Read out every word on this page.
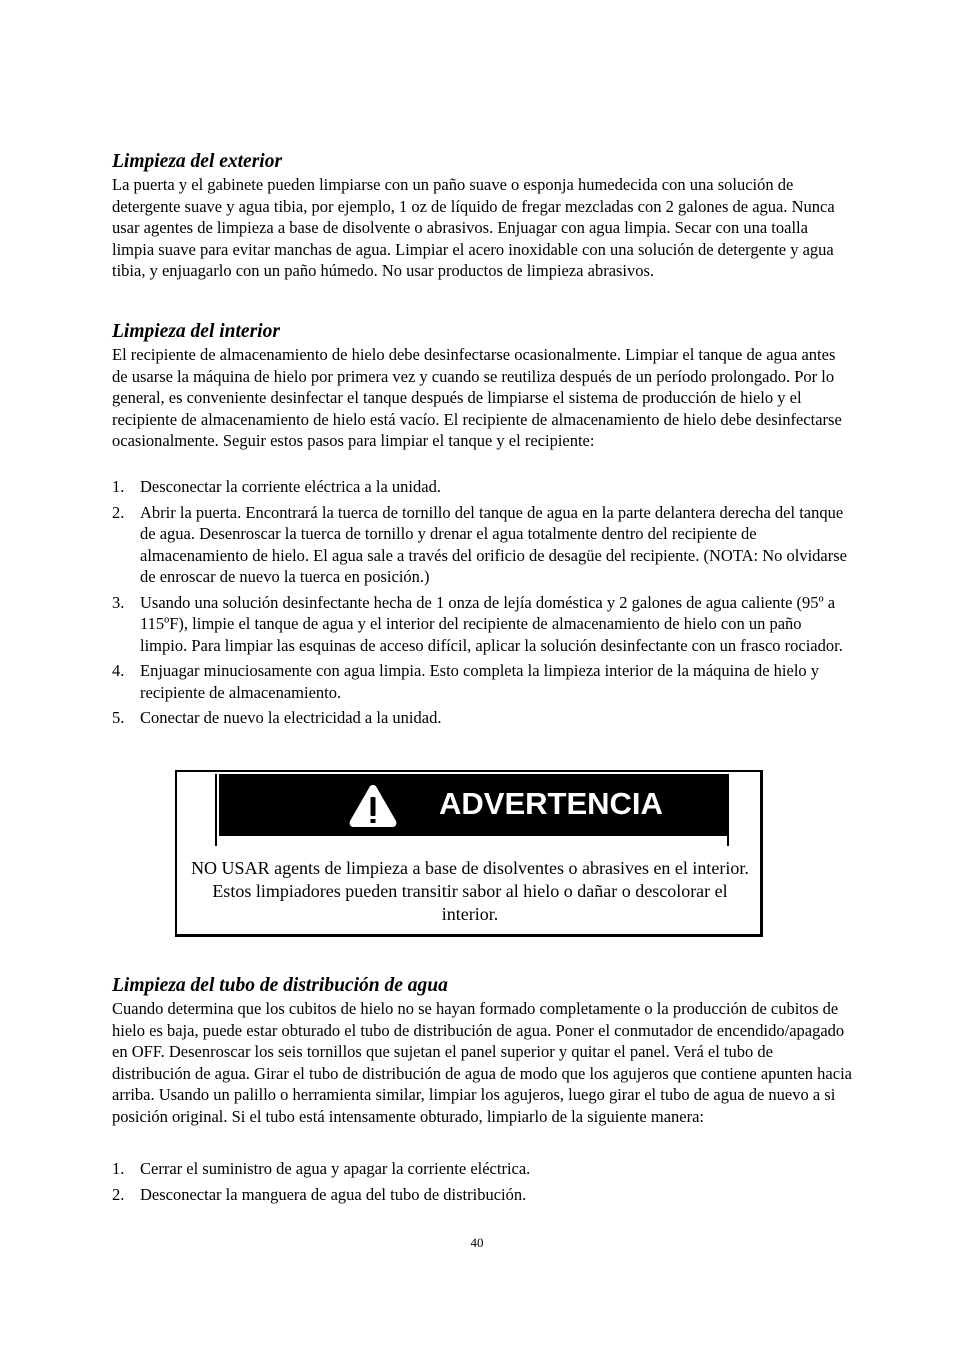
Limpieza del exterior
La puerta y el gabinete pueden limpiarse con un paño suave o esponja humedecida con una solución de detergente suave y agua tibia, por ejemplo, 1 oz de líquido de fregar mezcladas con 2 galones de agua. Nunca usar agentes de limpieza a base de disolvente o abrasivos. Enjuagar con agua limpia. Secar con una toalla limpia suave para evitar manchas de agua. Limpiar el acero inoxidable con una solución de detergente y agua tibia, y enjuagarlo con un paño húmedo. No usar productos de limpieza abrasivos.
Limpieza del interior
El recipiente de almacenamiento de hielo debe desinfectarse ocasionalmente. Limpiar el tanque de agua antes de usarse la máquina de hielo por primera vez y cuando se reutiliza después de un período prolongado. Por lo general, es conveniente desinfectar el tanque después de limpiarse el sistema de producción de hielo y el recipiente de almacenamiento de hielo está vacío. El recipiente de almacenamiento de hielo debe desinfectarse ocasionalmente. Seguir estos pasos para limpiar el tanque y el recipiente:
1. Desconectar la corriente eléctrica a la unidad.
2. Abrir la puerta. Encontrará la tuerca de tornillo del tanque de agua en la parte delantera derecha del tanque de agua. Desenroscar la tuerca de tornillo y drenar el agua totalmente dentro del recipiente de almacenamiento de hielo. El agua sale a través del orificio de desagüe del recipiente. (NOTA: No olvidarse de enroscar de nuevo la tuerca en posición.)
3. Usando una solución desinfectante hecha de 1 onza de lejía doméstica y 2 galones de agua caliente (95º a 115ºF), limpie el tanque de agua y el interior del recipiente de almacenamiento de hielo con un paño limpio. Para limpiar las esquinas de acceso difícil, aplicar la solución desinfectante con un frasco rociador.
4. Enjuagar minuciosamente con agua limpia. Esto completa la limpieza interior de la máquina de hielo y recipiente de almacenamiento.
5. Conectar de nuevo la electricidad a la unidad.
ADVERTENCIA
NO USAR agents de limpieza a base de disolventes o abrasives en el interior. Estos limpiadores pueden transitir sabor al hielo o dañar o descolorar el interior.
Limpieza del tubo de distribución de agua
Cuando determina que los cubitos de hielo no se hayan formado completamente o la producción de cubitos de hielo es baja, puede estar obturado el tubo de distribución de agua. Poner el conmutador de encendido/apagado en OFF. Desenroscar los seis tornillos que sujetan el panel superior y quitar el panel. Verá el tubo de distribución de agua. Girar el tubo de distribución de agua de modo que los agujeros que contiene apunten hacia arriba. Usando un palillo o herramienta similar, limpiar los agujeros, luego girar el tubo de agua de nuevo a si posición original. Si el tubo está intensamente obturado, limpiarlo de la siguiente manera:
1. Cerrar el suministro de agua y apagar la corriente eléctrica.
2. Desconectar la manguera de agua del tubo de distribución.
40
